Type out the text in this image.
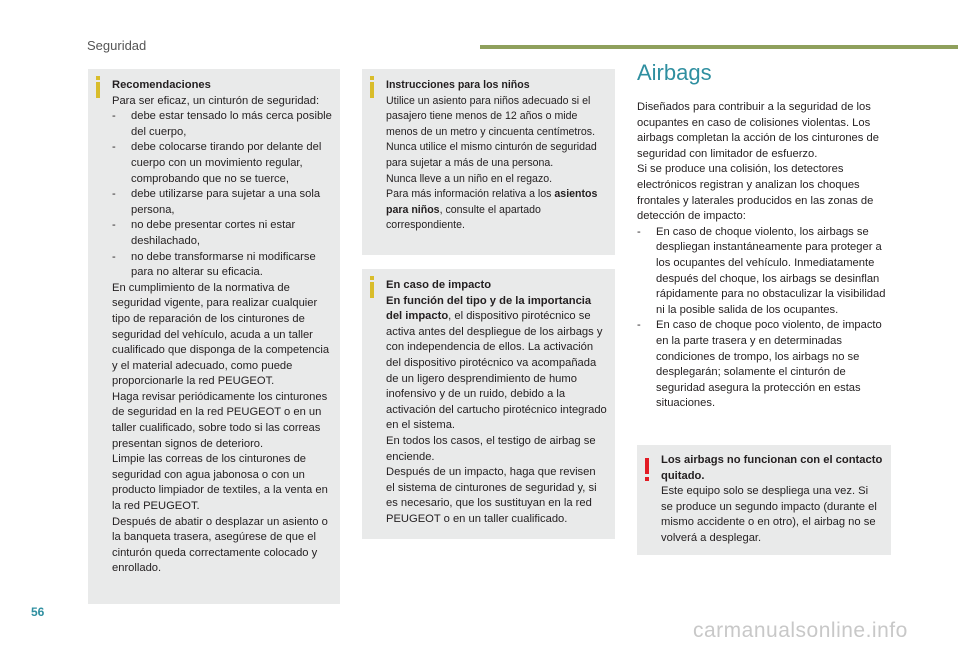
Seguridad
Recomendaciones
Para ser eficaz, un cinturón de seguridad:
-	debe estar tensado lo más cerca posible del cuerpo,
-	debe colocarse tirando por delante del cuerpo con un movimiento regular, comprobando que no se tuerce,
-	debe utilizarse para sujetar a una sola persona,
-	no debe presentar cortes ni estar deshilachado,
-	no debe transformarse ni modificarse para no alterar su eficacia.
En cumplimiento de la normativa de seguridad vigente, para realizar cualquier tipo de reparación de los cinturones de seguridad del vehículo, acuda a un taller cualificado que disponga de la competencia y el material adecuado, como puede proporcionarle la red PEUGEOT.
Haga revisar periódicamente los cinturones de seguridad en la red PEUGEOT o en un taller cualificado, sobre todo si las correas presentan signos de deterioro.
Limpie las correas de los cinturones de seguridad con agua jabonosa o con un producto limpiador de textiles, a la venta en la red PEUGEOT.
Después de abatir o desplazar un asiento o la banqueta trasera, asegúrese de que el cinturón queda correctamente colocado y enrollado.
Instrucciones para los niños
Utilice un asiento para niños adecuado si el pasajero tiene menos de 12 años o mide menos de un metro y cincuenta centímetros.
Nunca utilice el mismo cinturón de seguridad para sujetar a más de una persona.
Nunca lleve a un niño en el regazo.
Para más información relativa a los asientos para niños, consulte el apartado correspondiente.
En caso de impacto
En función del tipo y de la importancia del impacto, el dispositivo pirotécnico se activa antes del despliegue de los airbags y con independencia de ellos. La activación del dispositivo pirotécnico va acompañada de un ligero desprendimiento de humo inofensivo y de un ruido, debido a la activación del cartucho pirotécnico integrado en el sistema.
En todos los casos, el testigo de airbag se enciende.
Después de un impacto, haga que revisen el sistema de cinturones de seguridad y, si es necesario, que los sustituyan en la red PEUGEOT o en un taller cualificado.
Airbags
Diseñados para contribuir a la seguridad de los ocupantes en caso de colisiones violentas. Los airbags completan la acción de los cinturones de seguridad con limitador de esfuerzo.
Si se produce una colisión, los detectores electrónicos registran y analizan los choques frontales y laterales producidos en las zonas de detección de impacto:
-	En caso de choque violento, los airbags se despliegan instantáneamente para proteger a los ocupantes del vehículo. Inmediatamente después del choque, los airbags se desinflan rápidamente para no obstaculizar la visibilidad ni la posible salida de los ocupantes.
-	En caso de choque poco violento, de impacto en la parte trasera y en determinadas condiciones de trompo, los airbags no se desplegarán; solamente el cinturón de seguridad asegura la protección en estas situaciones.
Los airbags no funcionan con el contacto quitado.
Este equipo solo se despliega una vez. Si se produce un segundo impacto (durante el mismo accidente o en otro), el airbag no se volverá a desplegar.
56
carmanualsonline.info
